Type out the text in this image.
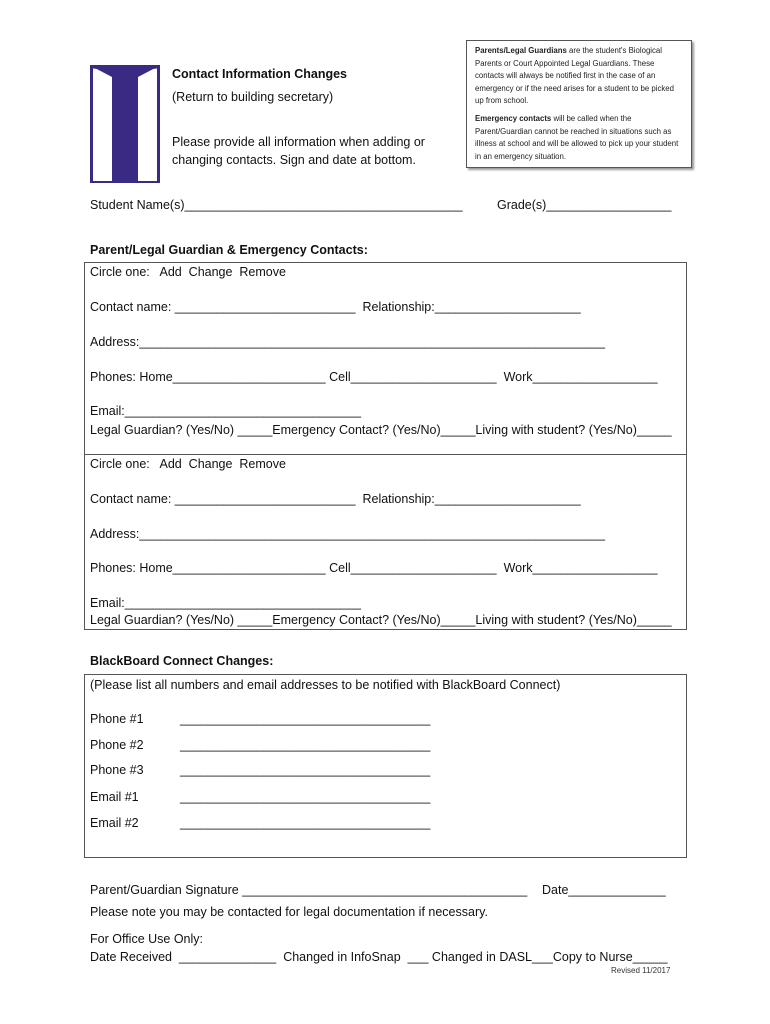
Contact Information Changes
(Return to building secretary)
Please provide all information when adding or
changing contacts. Sign and date at bottom.

Parents/Legal Guardians are the student's Biological Parents or Court Appointed Legal Guardians. These contacts will always be notified first in the case of an emergency or if the need arises for a student to be picked up from school.

Emergency contacts will be called when the Parent/Guardian cannot be reached in situations such as illness at school and will be allowed to pick up your student in an emergency situation.

Student Name(s)________________________________________	Grade(s)__________________
Parent/Legal Guardian & Emergency Contacts:
Circle one:   Add  Change  Remove
Contact name: __________________________  Relationship:_____________________
Address:___________________________________________________________________
Phones: Home______________________ Cell_____________________  Work__________________
Email:__________________________________
Legal Guardian? (Yes/No) _____Emergency Contact? (Yes/No)_____Living with student? (Yes/No)_____
Circle one:   Add  Change  Remove
Contact name: __________________________  Relationship:_____________________
Address:___________________________________________________________________
Phones: Home______________________ Cell_____________________  Work__________________
Email:__________________________________
Legal Guardian? (Yes/No) _____Emergency Contact? (Yes/No)_____Living with student? (Yes/No)_____
BlackBoard Connect Changes:
(Please list all numbers and email addresses to be notified with BlackBoard Connect)
Phone #1	____________________________________
Phone #2	____________________________________
Phone #3	____________________________________
Email #1	____________________________________
Email #2	____________________________________
Parent/Guardian Signature _________________________________________ Date______________
Please note you may be contacted for legal documentation if necessary.
For Office Use Only:
Date Received  ______________  Changed in InfoSnap  ___ Changed in DASL___Copy to Nurse_____
Revised 11/2017
